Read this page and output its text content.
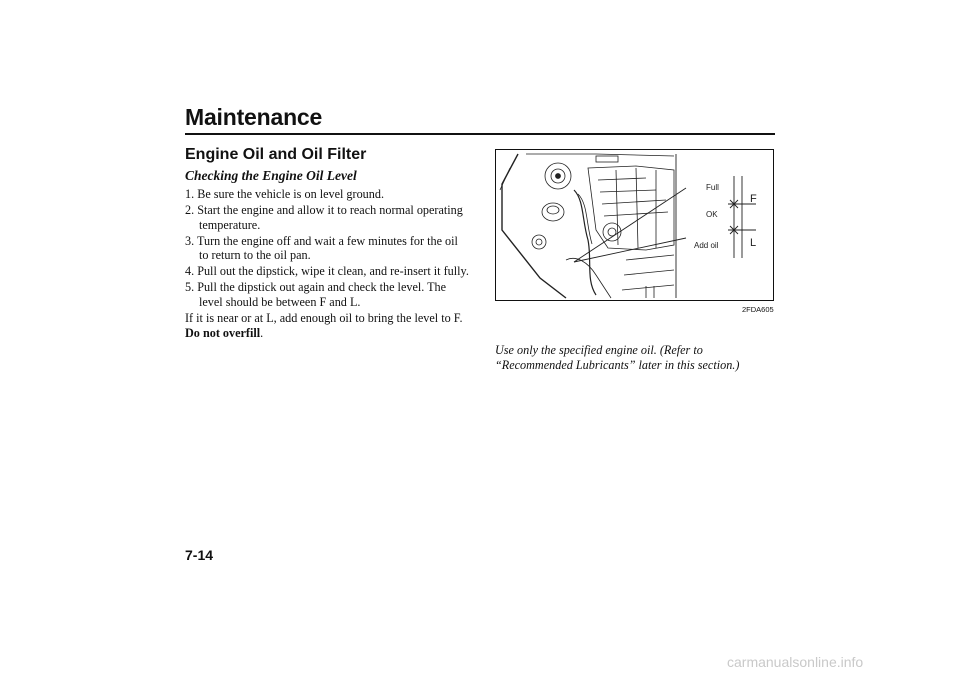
Maintenance
Engine Oil and Oil Filter
Checking the Engine Oil Level
1. Be sure the vehicle is on level ground.
2. Start the engine and allow it to reach normal operating temperature.
3. Turn the engine off and wait a few minutes for the oil to return to the oil pan.
4. Pull out the dipstick, wipe it clean, and re-insert it fully.
5. Pull the dipstick out again and check the level. The level should be between F and L.

If it is near or at L, add enough oil to bring the level to F. Do not overfill.

Full
OK
Add oil
F
L
2FDA605

Use only the specified engine oil. (Refer to “Recommended Lubricants” later in this section.)

7-14
carmanualsonline.info
